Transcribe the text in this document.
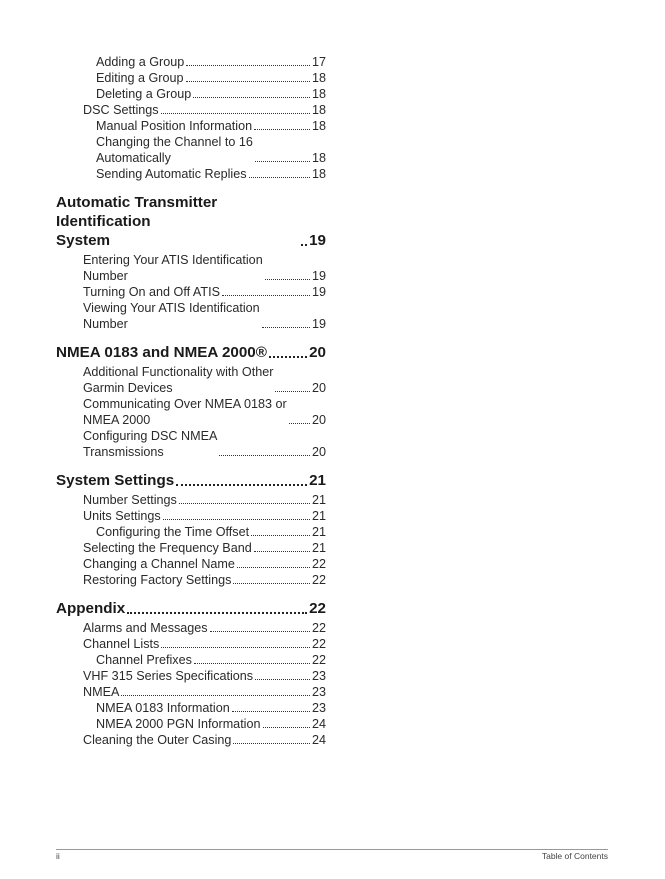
Adding a Group	17
Editing a Group	18
Deleting a Group	18
DSC Settings	18
Manual Position Information	18
Changing the Channel to 16
Automatically	18
Sending Automatic Replies	18
Automatic Transmitter Identification
System	19
Entering Your ATIS Identification
Number	19
Turning On and Off ATIS	19
Viewing Your ATIS Identification
Number	19
NMEA 0183 and NMEA 2000®	20
Additional Functionality with Other
Garmin Devices	20
Communicating Over NMEA 0183 or
NMEA 2000	20
Configuring DSC NMEA
Transmissions	20
System Settings	21
Number Settings	21
Units Settings	21
Configuring the Time Offset	21
Selecting the Frequency Band	21
Changing a Channel Name	22
Restoring Factory Settings	22
Appendix	22
Alarms and Messages	22
Channel Lists	22
Channel Prefixes	22
VHF 315 Series Specifications	23
NMEA	23
NMEA 0183 Information	23
NMEA 2000 PGN Information	24
Cleaning the Outer Casing	24
ii	Table of Contents
